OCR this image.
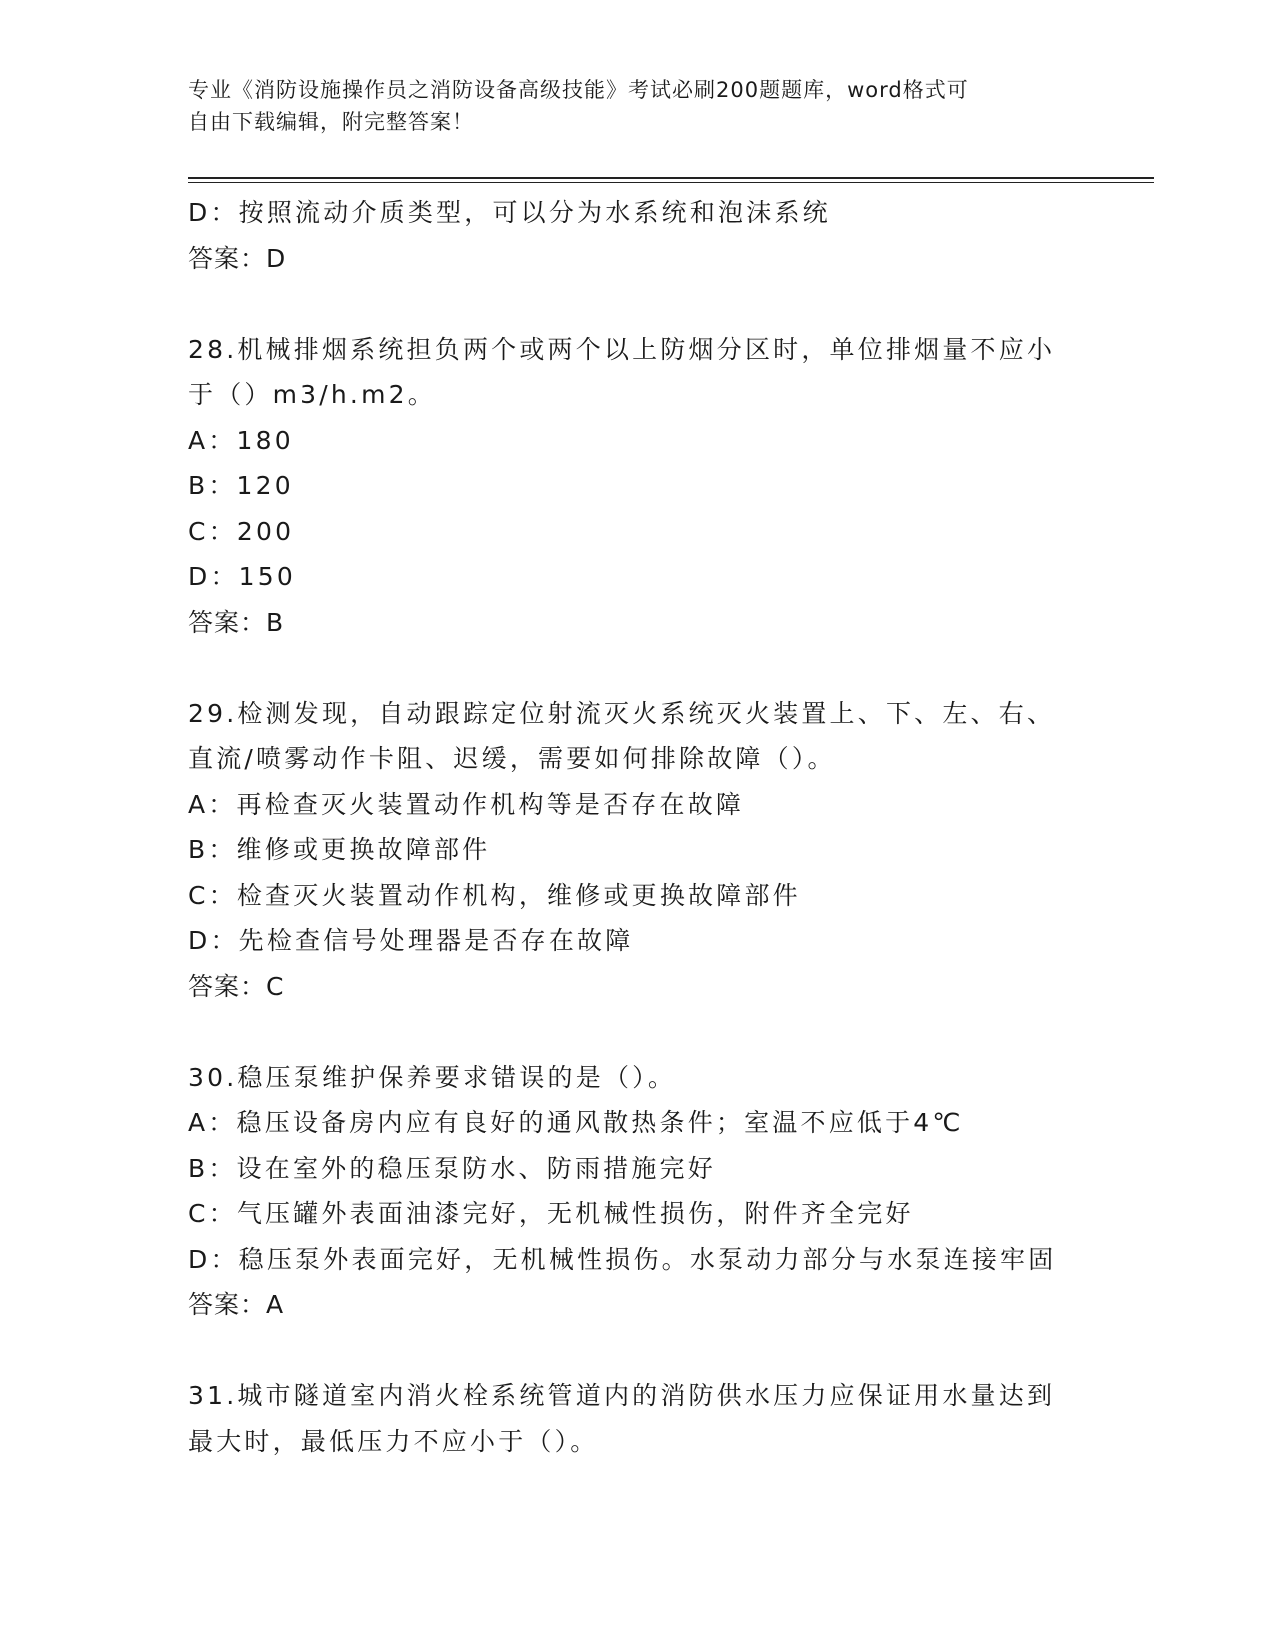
专业《消防设施操作员之消防设备高级技能》考试必刷200题题库，word格式可
自由下载编辑，附完整答案！
D：按照流动介质类型，可以分为水系统和泡沫系统
答案：D
28.机械排烟系统担负两个或两个以上防烟分区时，单位排烟量不应小
于（）m3/h.m2。
A：180
B：120
C：200
D：150
答案：B
29.检测发现，自动跟踪定位射流灭火系统灭火装置上、下、左、右、
直流/喷雾动作卡阻、迟缓，需要如何排除故障（）。
A：再检查灭火装置动作机构等是否存在故障
B：维修或更换故障部件
C：检查灭火装置动作机构，维修或更换故障部件
D：先检查信号处理器是否存在故障
答案：C
30.稳压泵维护保养要求错误的是（）。
A：稳压设备房内应有良好的通风散热条件；室温不应低于4℃
B：设在室外的稳压泵防水、防雨措施完好
C：气压罐外表面油漆完好，无机械性损伤，附件齐全完好
D：稳压泵外表面完好，无机械性损伤。水泵动力部分与水泵连接牢固
答案：A
31.城市隧道室内消火栓系统管道内的消防供水压力应保证用水量达到
最大时，最低压力不应小于（）。
